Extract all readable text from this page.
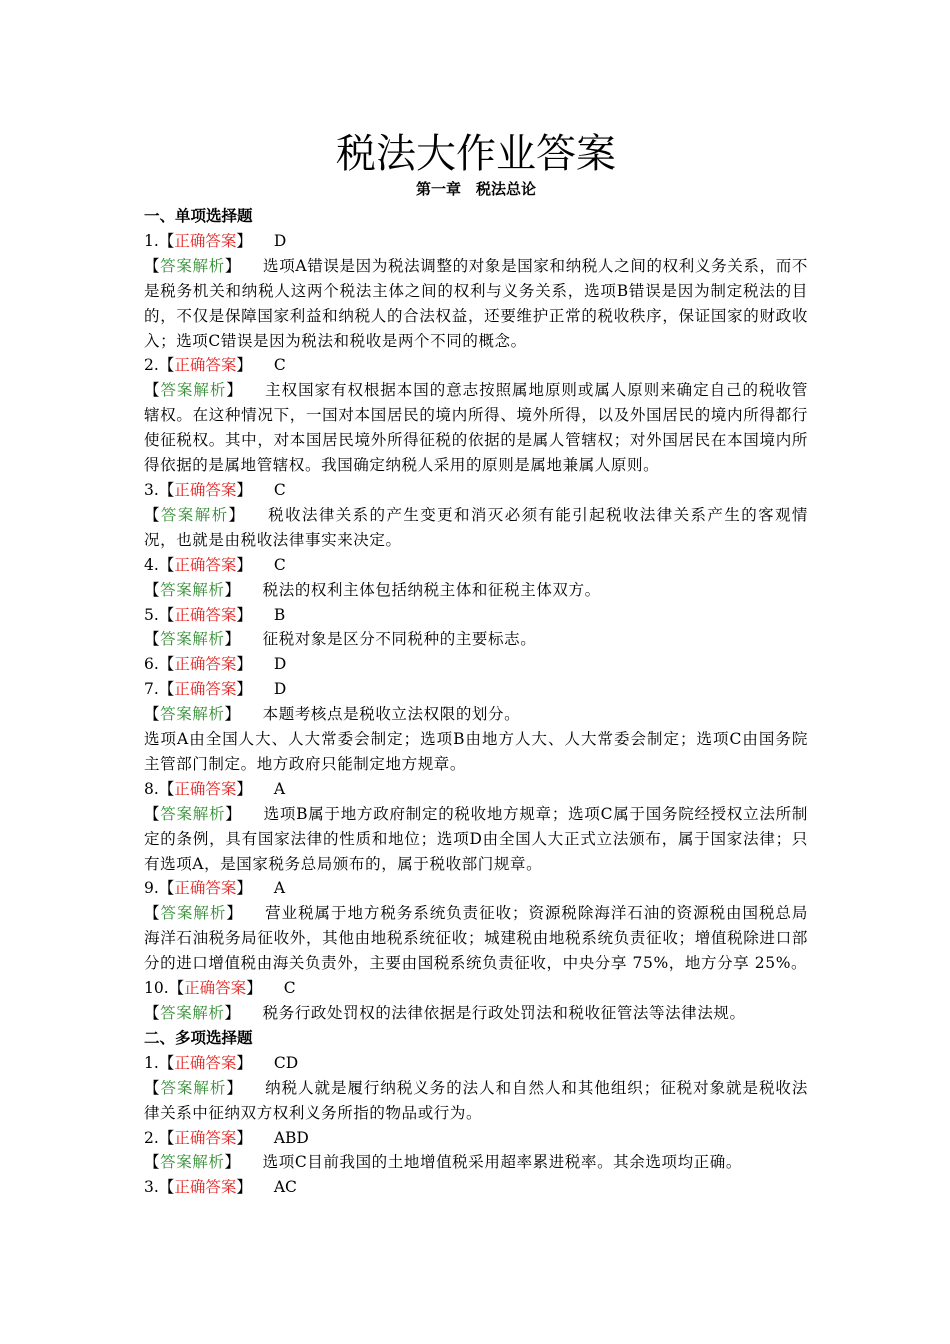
税法大作业答案
第一章　税法总论
一、单项选择题
1.【正确答案】 D
【答案解析】 选项A错误是因为税法调整的对象是国家和纳税人之间的权利义务关系，而不是税务机关和纳税人这两个税法主体之间的权利与义务关系，选项B错误是因为制定税法的目的，不仅是保障国家利益和纳税人的合法权益，还要维护正常的税收秩序，保证国家的财政收入；选项C错误是因为税法和税收是两个不同的概念。
2.【正确答案】 C
【答案解析】 主权国家有权根据本国的意志按照属地原则或属人原则来确定自己的税收管辖权。在这种情况下，一国对本国居民的境内所得、境外所得，以及外国居民的境内所得都行使征税权。其中，对本国居民境外所得征税的依据的是属人管辖权；对外国居民在本国境内所得依据的是属地管辖权。我国确定纳税人采用的原则是属地兼属人原则。
3.【正确答案】 C
【答案解析】 税收法律关系的产生变更和消灭必须有能引起税收法律关系产生的客观情况，也就是由税收法律事实来决定。
4.【正确答案】 C
【答案解析】 税法的权利主体包括纳税主体和征税主体双方。
5.【正确答案】 B
【答案解析】 征税对象是区分不同税种的主要标志。
6.【正确答案】 D
7.【正确答案】 D
【答案解析】 本题考核点是税收立法权限的划分。
选项A由全国人大、人大常委会制定；选项B由地方人大、人大常委会制定；选项C由国务院主管部门制定。地方政府只能制定地方规章。
8.【正确答案】 A
【答案解析】 选项B属于地方政府制定的税收地方规章；选项C属于国务院经授权立法所制定的条例，具有国家法律的性质和地位；选项D由全国人大正式立法颁布，属于国家法律；只有选项A，是国家税务总局颁布的，属于税收部门规章。
9.【正确答案】 A
【答案解析】 营业税属于地方税务系统负责征收；资源税除海洋石油的资源税由国税总局海洋石油税务局征收外，其他由地税系统征收；城建税由地税系统负责征收；增值税除进口部分的进口增值税由海关负责外，主要由国税系统负责征收，中央分享 75%，地方分享 25%。
10.【正确答案】 C
【答案解析】 税务行政处罚权的法律依据是行政处罚法和税收征管法等法律法规。
二、多项选择题
1.【正确答案】 CD
【答案解析】 纳税人就是履行纳税义务的法人和自然人和其他组织；征税对象就是税收法律关系中征纳双方权利义务所指的物品或行为。
2.【正确答案】 ABD
【答案解析】 选项C目前我国的土地增值税采用超率累进税率。其余选项均正确。
3.【正确答案】 AC
